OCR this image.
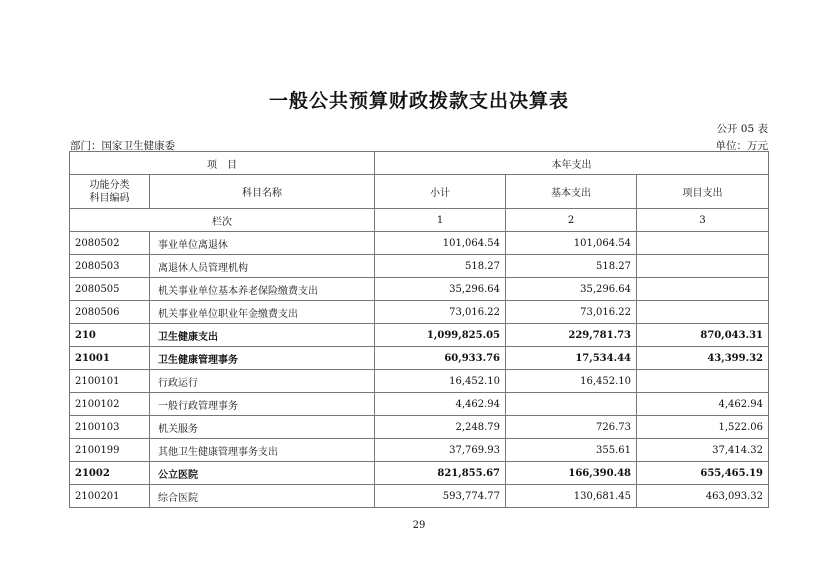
一般公共预算财政拨款支出决算表
公开 05 表
部门：国家卫生健康委	单位：万元
项　目		本年支出		
功能分类
科目编码	科目名称	小计	基本支出	项目支出
栏次		1	2	3
2080502	事业单位离退休	101,064.54	101,064.54	
2080503	离退休人员管理机构	518.27	518.27	
2080505	机关事业单位基本养老保险缴费支出	35,296.64	35,296.64	
2080506	机关事业单位职业年金缴费支出	73,016.22	73,016.22	
210	卫生健康支出	1,099,825.05	229,781.73	870,043.31
21001	卫生健康管理事务	60,933.76	17,534.44	43,399.32
2100101	行政运行	16,452.10	16,452.10	
2100102	一般行政管理事务	4,462.94		4,462.94
2100103	机关服务	2,248.79	726.73	1,522.06
2100199	其他卫生健康管理事务支出	37,769.93	355.61	37,414.32
21002	公立医院	821,855.67	166,390.48	655,465.19
2100201	综合医院	593,774.77	130,681.45	463,093.32
29
